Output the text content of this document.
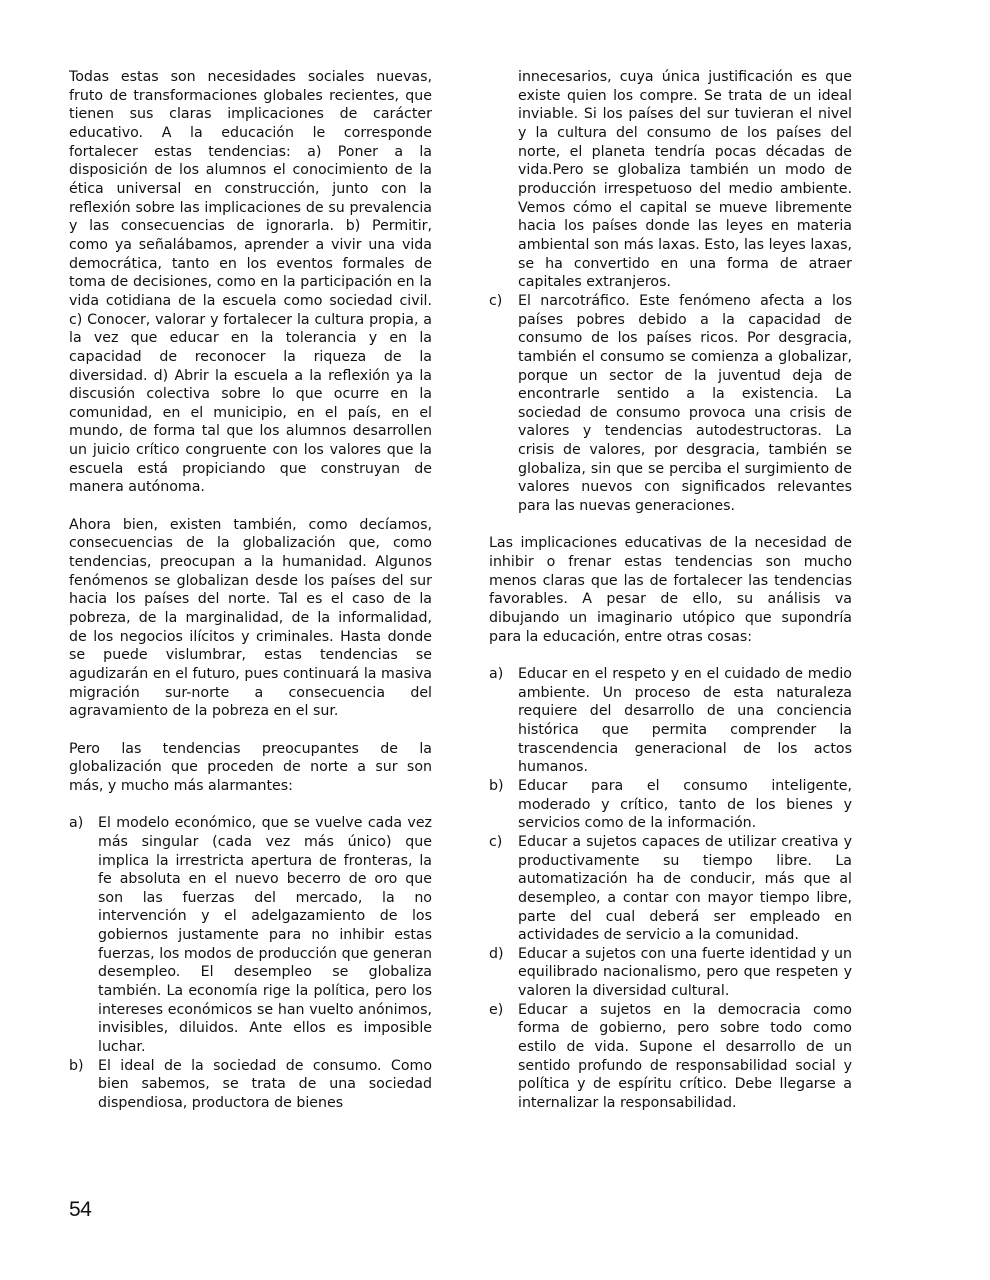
Todas estas son necesidades sociales nuevas, fruto de transformaciones globales recientes, que tienen sus claras implicaciones de carácter educativo. A la educación le corresponde fortalecer estas tendencias: a) Poner a la disposición de los alumnos el conocimiento de la ética universal en construcción, junto con la reflexión sobre las implicaciones de su prevalencia y las consecuencias de ignorarla. b) Permitir, como ya señalábamos, aprender a vivir una vida democrática, tanto en los eventos formales de toma de decisiones, como en la participación en la vida cotidiana de la escuela como sociedad civil. c) Conocer, valorar y fortalecer la cultura propia, a la vez que educar en la tolerancia y en la capacidad de reconocer la riqueza de la diversidad. d) Abrir la escuela a la reflexión ya la discusión colectiva sobre lo que ocurre en la comunidad, en el municipio, en el país, en el mundo, de forma tal que los alumnos desarrollen un juicio crítico congruente con los valores que la escuela está propiciando que construyan de manera autónoma.

Ahora bien, existen también, como decíamos, consecuencias de la globalización que, como tendencias, preocupan a la humanidad. Algunos fenómenos se globalizan desde los países del sur hacia los países del norte. Tal es el caso de la pobreza, de la marginalidad, de la informalidad, de los negocios ilícitos y criminales. Hasta donde se puede vislumbrar, estas tendencias se agudizarán en el futuro, pues continuará la masiva migración sur-norte a consecuencia del agravamiento de la pobreza en el sur.

Pero las tendencias preocupantes de la globalización que proceden de norte a sur son más, y mucho más alarmantes:

a) El modelo económico, que se vuelve cada vez más singular (cada vez más único) que implica la irrestricta apertura de fronteras, la fe absoluta en el nuevo becerro de oro que son las fuerzas del mercado, la no intervención y el adelgazamiento de los gobiernos justamente para no inhibir estas fuerzas, los modos de producción que generan desempleo. El desempleo se globaliza también. La economía rige la política, pero los intereses económicos se han vuelto anónimos, invisibles, diluidos. Ante ellos es imposible luchar.
b) El ideal de la sociedad de consumo. Como bien sabemos, se trata de una sociedad dispendiosa, productora de bienes
innecesarios, cuya única justificación es que existe quien los compre. Se trata de un ideal inviable. Si los países del sur tuvieran el nivel y la cultura del consumo de los países del norte, el planeta tendría pocas décadas de vida.Pero se globaliza también un modo de producción irrespetuoso del medio ambiente. Vemos cómo el capital se mueve libremente hacia los países donde las leyes en materia ambiental son más laxas. Esto, las leyes laxas, se ha convertido en una forma de atraer capitales extranjeros.
c) El narcotráfico. Este fenómeno afecta a los países pobres debido a la capacidad de consumo de los países ricos. Por desgracia, también el consumo se comienza a globalizar, porque un sector de la juventud deja de encontrarle sentido a la existencia. La sociedad de consumo provoca una crisis de valores y tendencias autodestructoras. La crisis de valores, por desgracia, también se globaliza, sin que se perciba el surgimiento de valores nuevos con significados relevantes para las nuevas generaciones.

Las implicaciones educativas de la necesidad de inhibir o frenar estas tendencias son mucho menos claras que las de fortalecer las tendencias favorables. A pesar de ello, su análisis va dibujando un imaginario utópico que supondría para la educación, entre otras cosas:

a) Educar en el respeto y en el cuidado de medio ambiente. Un proceso de esta naturaleza requiere del desarrollo de una conciencia histórica que permita comprender la trascendencia generacional de los actos humanos.
b) Educar para el consumo inteligente, moderado y crítico, tanto de los bienes y servicios como de la información.
c) Educar a sujetos capaces de utilizar creativa y productivamente su tiempo libre. La automatización ha de conducir, más que al desempleo, a contar con mayor tiempo libre, parte del cual deberá ser empleado en actividades de servicio a la comunidad.
d) Educar a sujetos con una fuerte identidad y un equilibrado nacionalismo, pero que respeten y valoren la diversidad cultural.
e) Educar a sujetos en la democracia como forma de gobierno, pero sobre todo como estilo de vida. Supone el desarrollo de un sentido profundo de responsabilidad social y política y de espíritu crítico. Debe llegarse a internalizar la responsabilidad.
54
